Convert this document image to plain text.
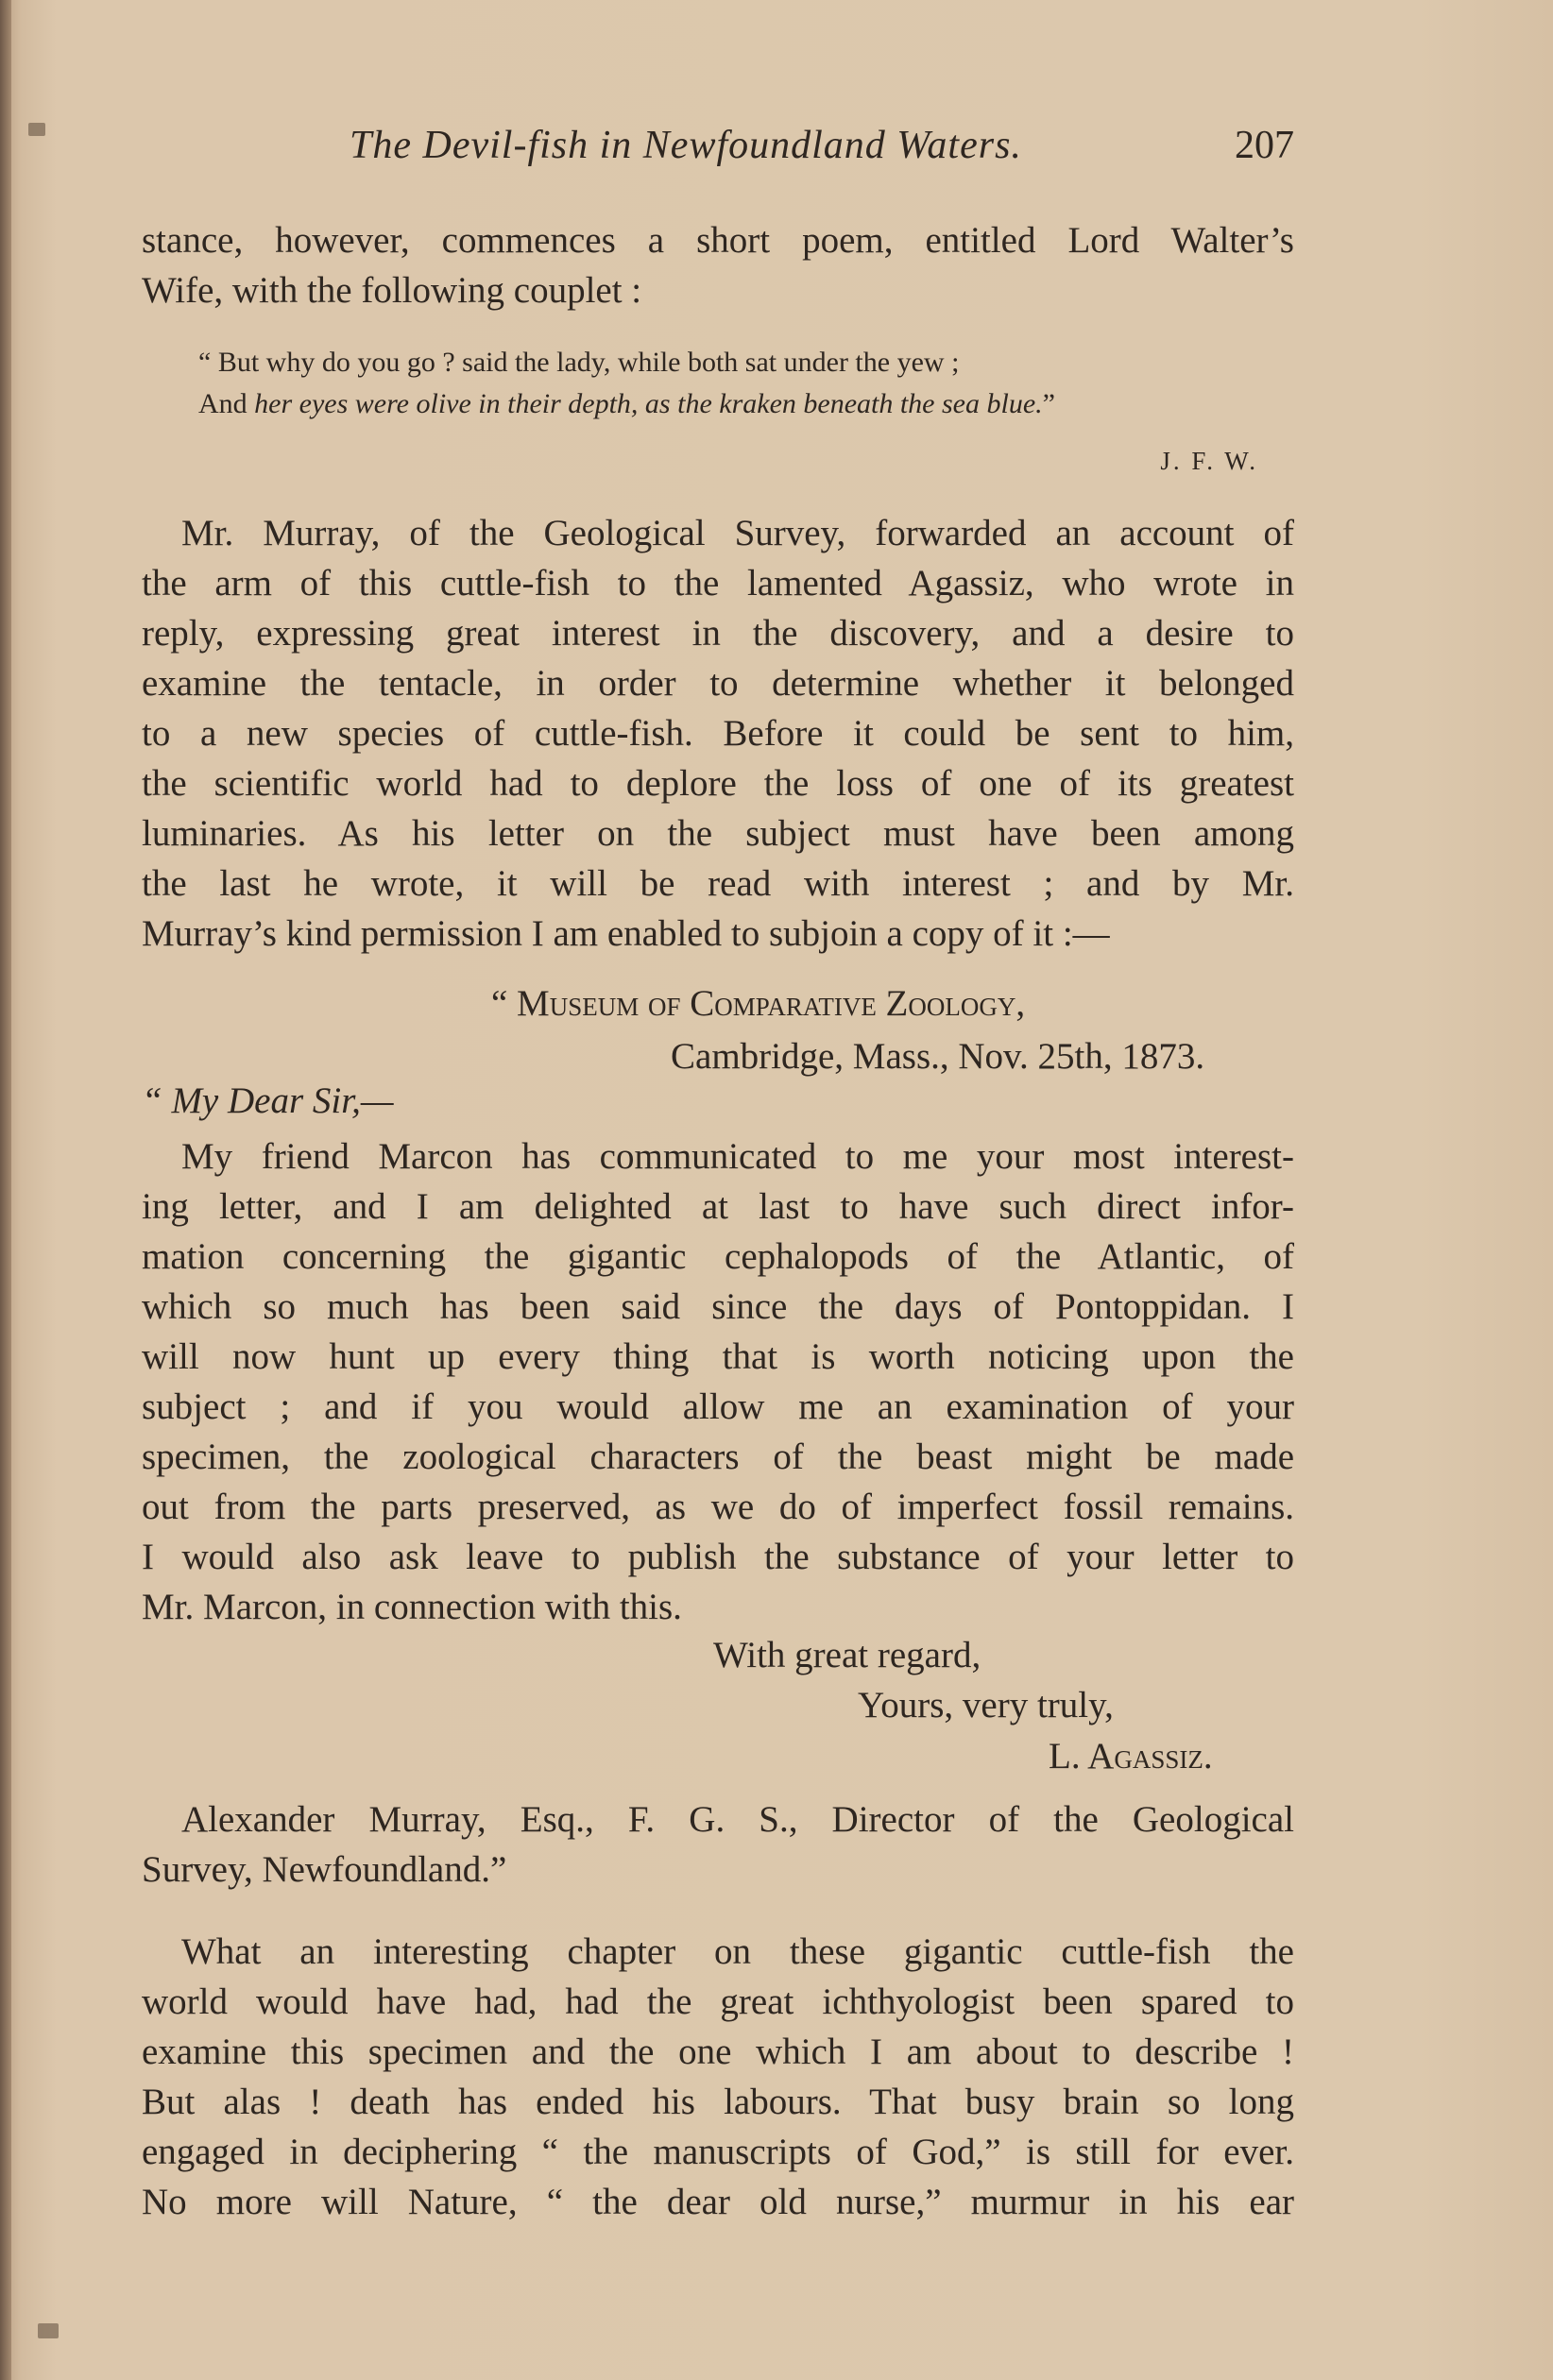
The Devil-fish in Newfoundland Waters.	207
stance, however, commences a short poem, entitled Lord Walter’s
Wife, with the following couplet :
“ But why do you go ? said the lady, while both sat under the yew ;
And her eyes were olive in their depth, as the kraken beneath the sea blue.”
J. F. W.
Mr. Murray, of the Geological Survey, forwarded an account of
the arm of this cuttle-fish to the lamented Agassiz, who wrote in
reply, expressing great interest in the discovery, and a desire to
examine the tentacle, in order to determine whether it belonged
to a new species of cuttle-fish. Before it could be sent to him,
the scientific world had to deplore the loss of one of its greatest
luminaries. As his letter on the subject must have been among
the last he wrote, it will be read with interest ; and by Mr.
Murray’s kind permission I am enabled to subjoin a copy of it :—
“ Museum of Comparative Zoology,
Cambridge, Mass., Nov. 25th, 1873.
“ My Dear Sir,—
My friend Marcon has communicated to me your most interest-
ing letter, and I am delighted at last to have such direct infor-
mation concerning the gigantic cephalopods of the Atlantic, of
which so much has been said since the days of Pontoppidan. I
will now hunt up every thing that is worth noticing upon the
subject ; and if you would allow me an examination of your
specimen, the zoological characters of the beast might be made
out from the parts preserved, as we do of imperfect fossil remains.
I would also ask leave to publish the substance of your letter to
Mr. Marcon, in connection with this.
With great regard,
Yours, very truly,
L. Agassiz.
Alexander Murray, Esq., F. G. S., Director of the Geological
Survey, Newfoundland.”
What an interesting chapter on these gigantic cuttle-fish the
world would have had, had the great ichthyologist been spared to
examine this specimen and the one which I am about to describe !
But alas ! death has ended his labours. That busy brain so long
engaged in deciphering “ the manuscripts of God,” is still for ever.
No more will Nature, “ the dear old nurse,” murmur in his ear
